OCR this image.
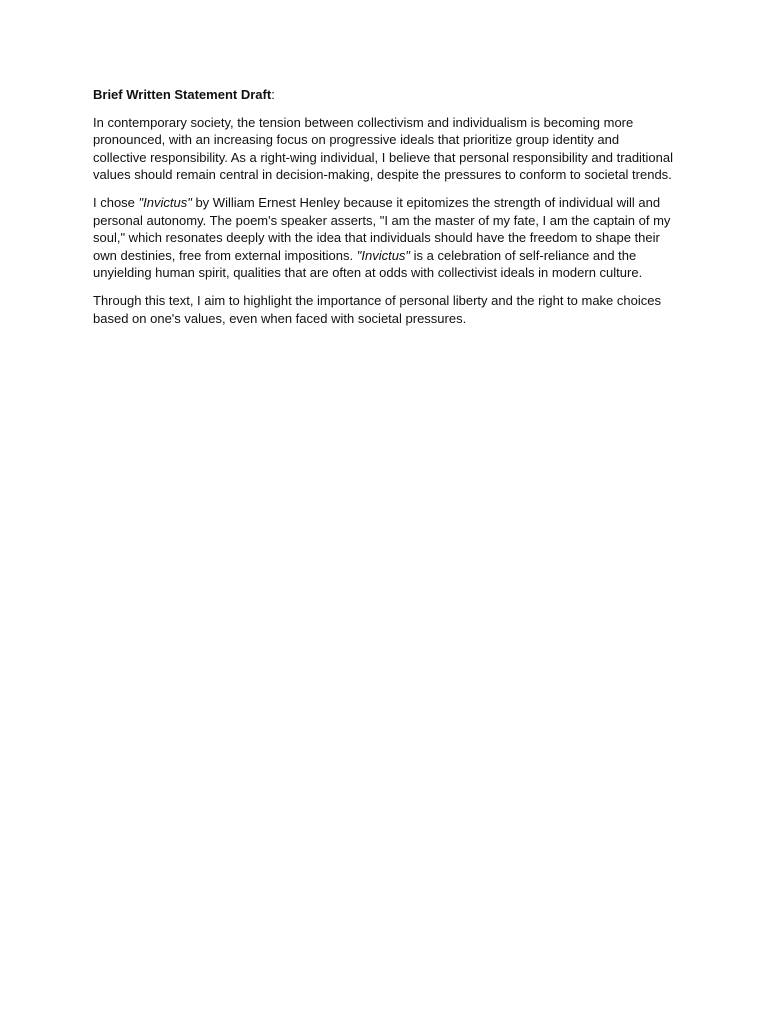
Brief Written Statement Draft:

In contemporary society, the tension between collectivism and individualism is becoming more pronounced, with an increasing focus on progressive ideals that prioritize group identity and collective responsibility. As a right-wing individual, I believe that personal responsibility and traditional values should remain central in decision-making, despite the pressures to conform to societal trends.

I chose "Invictus" by William Ernest Henley because it epitomizes the strength of individual will and personal autonomy. The poem's speaker asserts, "I am the master of my fate, I am the captain of my soul," which resonates deeply with the idea that individuals should have the freedom to shape their own destinies, free from external impositions. "Invictus" is a celebration of self-reliance and the unyielding human spirit, qualities that are often at odds with collectivist ideals in modern culture.

Through this text, I aim to highlight the importance of personal liberty and the right to make choices based on one's values, even when faced with societal pressures.
